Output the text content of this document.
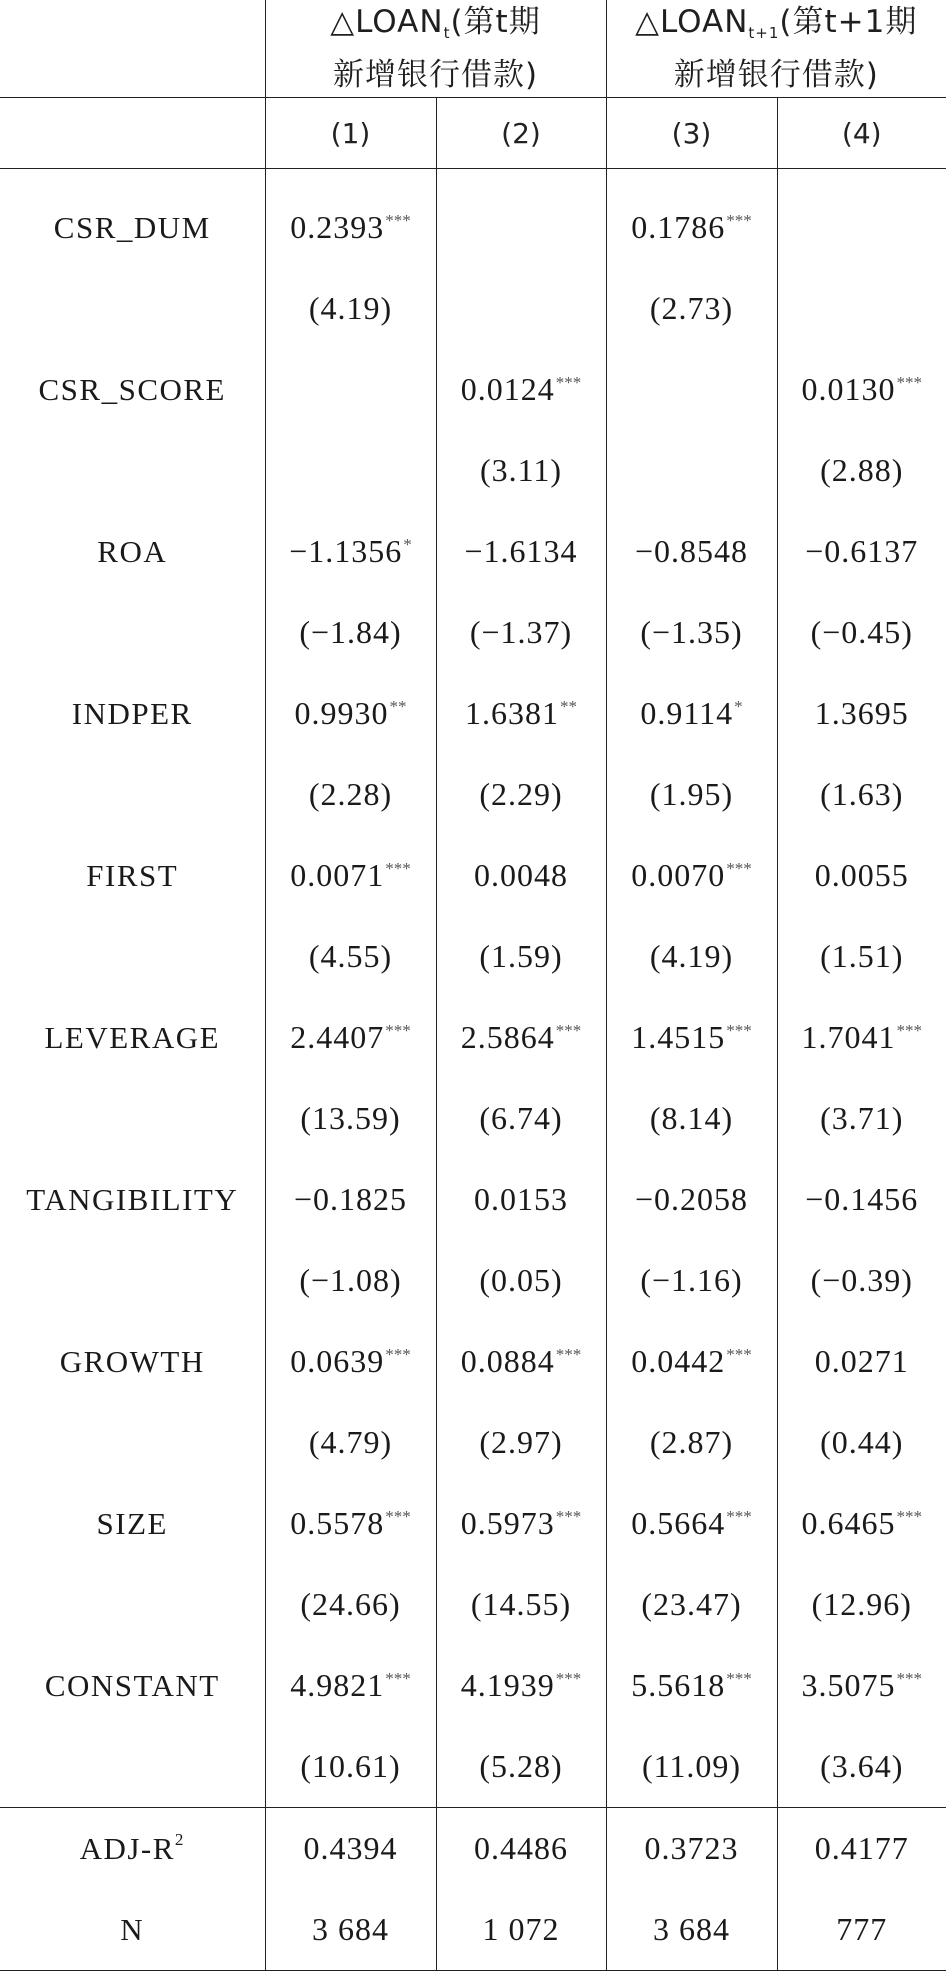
	$\triangle LOAN_t$(第t期
新增银行借款)		$\triangle LOAN_{t+1}$(第t+1期
新增银行借款)	

	(1)	(2)	(3)	(4)

CSR_DUM	0.2393***		0.1786***	
	(4.19)		(2.73)	
CSR_SCORE		0.0124***		0.0130***
		(3.11)		(2.88)
ROA	−1.1356*	−1.6134	−0.8548	−0.6137
	(−1.84)	(−1.37)	(−1.35)	(−0.45)
INDPER	0.9930**	1.6381**	0.9114*	1.3695
	(2.28)	(2.29)	(1.95)	(1.63)
FIRST	0.0071***	0.0048	0.0070***	0.0055
	(4.55)	(1.59)	(4.19)	(1.51)
LEVERAGE	2.4407***	2.5864***	1.4515***	1.7041***
	(13.59)	(6.74)	(8.14)	(3.71)
TANGIBILITY	−0.1825	0.0153	−0.2058	−0.1456
	(−1.08)	(0.05)	(−1.16)	(−0.39)
GROWTH	0.0639***	0.0884***	0.0442***	0.0271
	(4.79)	(2.97)	(2.87)	(0.44)
SIZE	0.5578***	0.5973***	0.5664***	0.6465***
	(24.66)	(14.55)	(23.47)	(12.96)
CONSTANT	4.9821***	4.1939***	5.5618***	3.5075***
	(10.61)	(5.28)	(11.09)	(3.64)
ADJ-$R^2$	0.4394	0.4486	0.3723	0.4177
N	3 684	1 072	3 684	777
